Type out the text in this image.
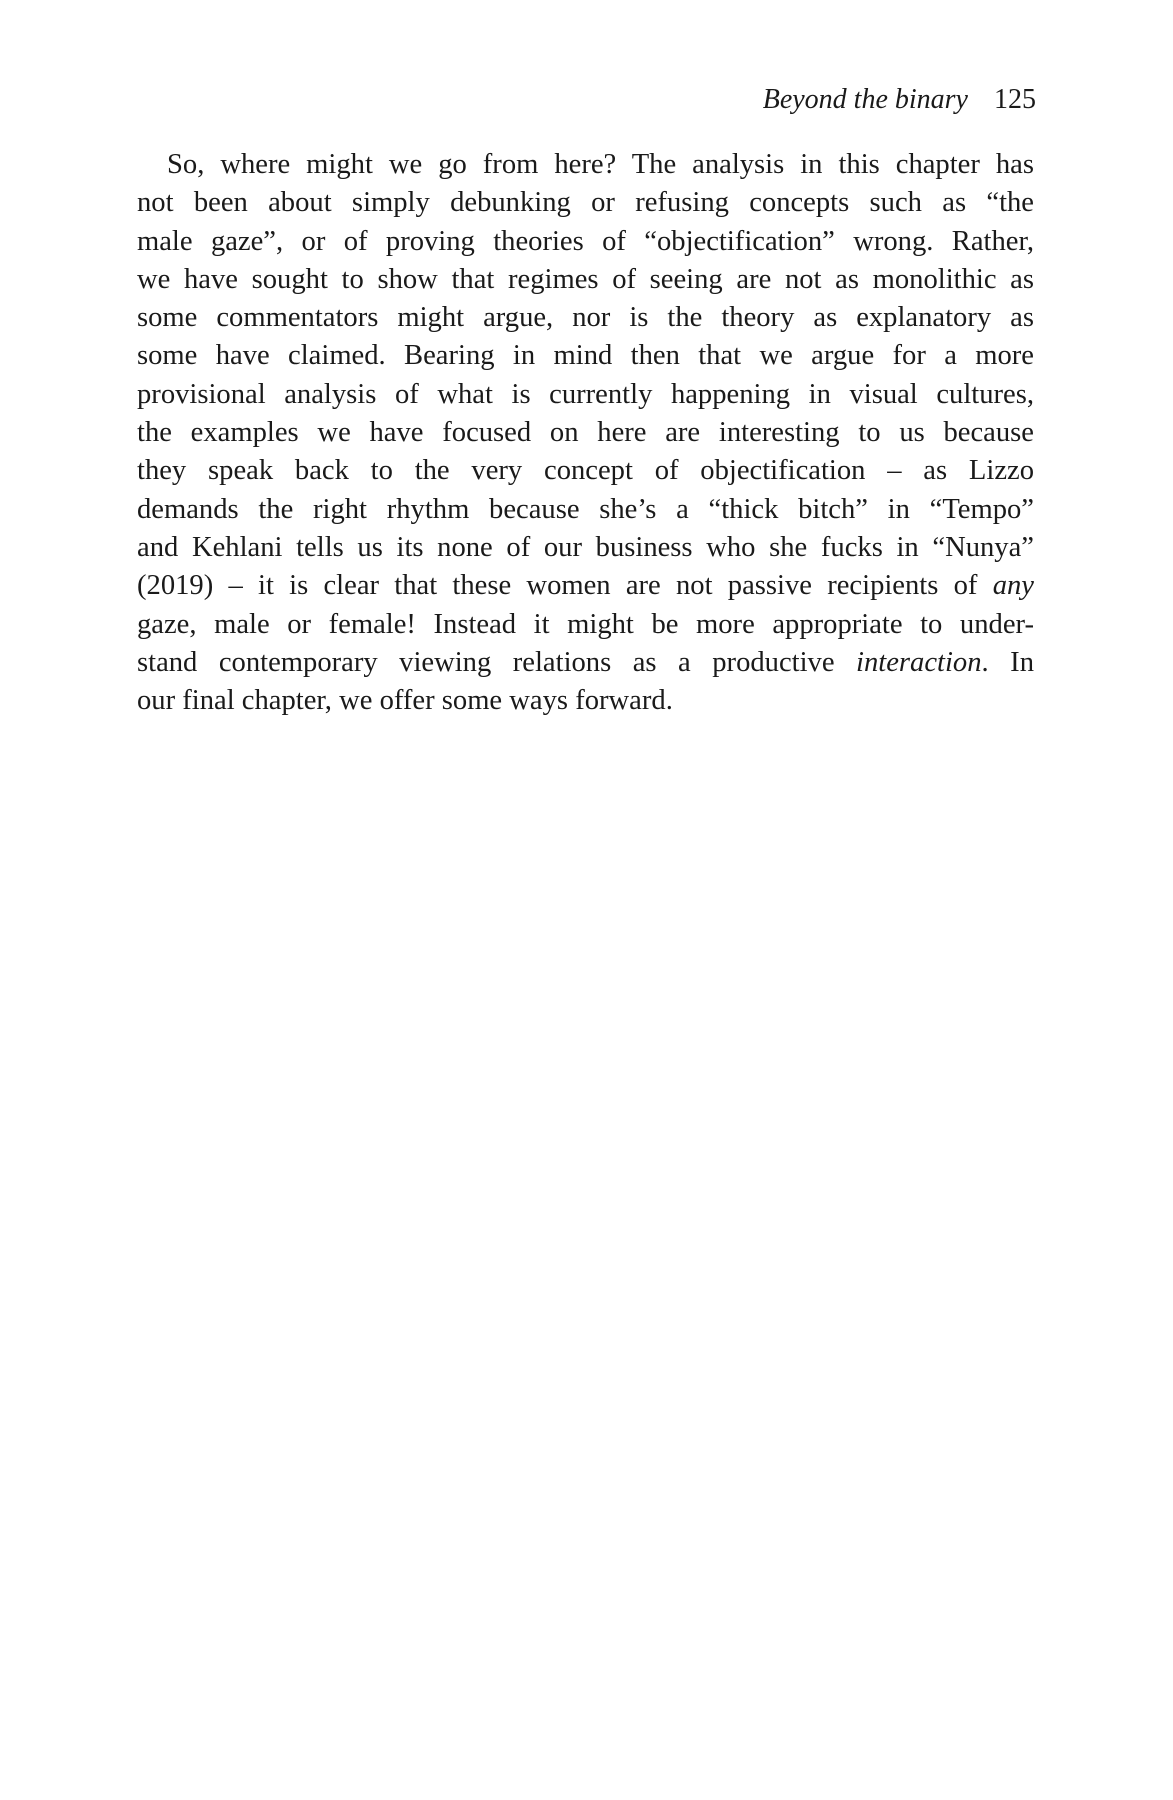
Beyond the binary 125
So, where might we go from here? The analysis in this chapter has
not been about simply debunking or refusing concepts such as “the
male gaze”, or of proving theories of “objectification” wrong. Rather,
we have sought to show that regimes of seeing are not as monolithic as
some commentators might argue, nor is the theory as explanatory as
some have claimed. Bearing in mind then that we argue for a more
provisional analysis of what is currently happening in visual cultures,
the examples we have focused on here are interesting to us because
they speak back to the very concept of objectification – as Lizzo
demands the right rhythm because she’s a “thick bitch” in “Tempo”
and Kehlani tells us its none of our business who she fucks in “Nunya”
(2019) – it is clear that these women are not passive recipients of any
gaze, male or female! Instead it might be more appropriate to under-
stand contemporary viewing relations as a productive interaction. In
our final chapter, we offer some ways forward.
